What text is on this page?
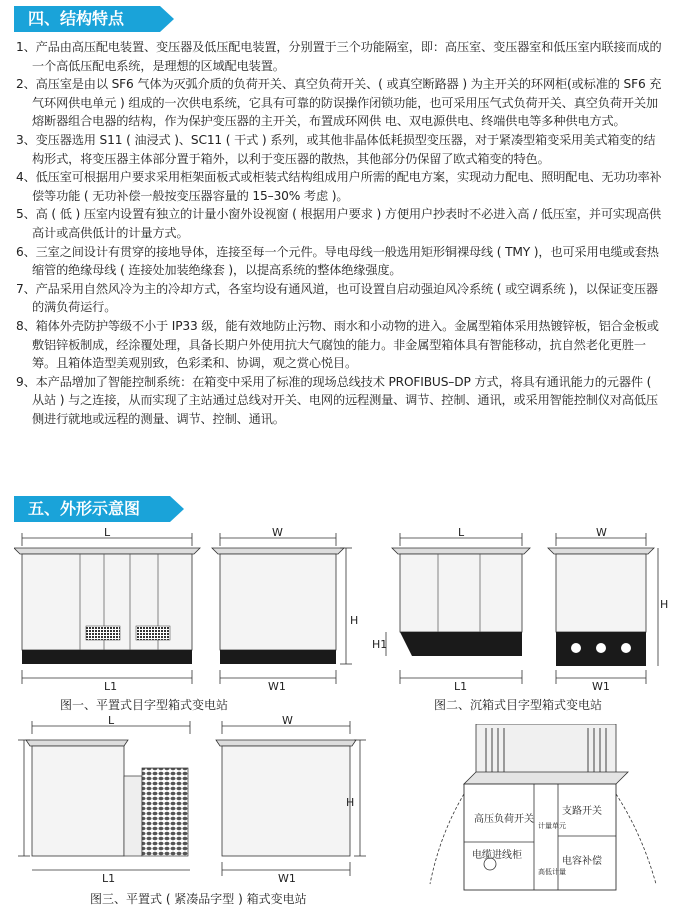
四、结构特点
1、产品由高压配电装置、变压器及低压配电装置，分别置于三个功能隔室，即：高压室、变压器室和低压室内联接而成的一个高低压配电系统，是理想的区域配电装置。
2、高压室是由以 SF6 气体为灭弧介质的负荷开关、真空负荷开关、( 或真空断路器 ) 为主开关的环网柜(或标准的 SF6 充气环网供电单元 ) 组成的一次供电系统，它具有可靠的防误操作闭锁功能，也可采用压气式负荷开关、真空负荷开关加熔断器组合电器的结构，作为保护变压器的主开关，布置成环网供 电、双电源供电、终端供电等多种供电方式。
3、变压器选用 S11 ( 油浸式 )、SC11 ( 干式 ) 系列，或其他非晶体低耗损型变压器，对于紧凑型箱变采用美式箱变的结构形式，将变压器主体部分置于箱外，以利于变压器的散热，其他部分仍保留了欧式箱变的特色。
4、低压室可根据用户要求采用柜架面板式或柜装式结构组成用户所需的配电方案，实现动力配电、照明配电、无功功率补偿等功能 ( 无功补偿一般按变压器容量的 15–30% 考虑 )。
5、高 ( 低 ) 压室内设置有独立的计量小窗外设视窗 ( 根据用户要求 ) 方便用户抄表时不必进入高 / 低压室，并可实现高供高计或高供低计的计量方式。
6、三室之间设计有贯穿的接地导体，连接至每一个元件。导电母线一般选用矩形铜裸母线 ( TMY )，也可采用电缆或套热缩管的绝缘母线 ( 连接处加装绝缘套 )，以提高系统的整体绝缘强度。
7、产品采用自然风冷为主的冷却方式，各室均设有通风道，也可设置自启动强迫风冷系统 ( 或空调系统 )，以保证变压器的满负荷运行。
8、箱体外壳防护等级不小于 IP33 级，能有效地防止污物、雨水和小动物的进入。金属型箱体采用热镀锌板，铝合金板或敷铝锌板制成，经涂覆处理，具备长期户外使用抗大气腐蚀的能力。非金属型箱体具有智能移动，抗自然老化更胜一筹。且箱体造型美观别致，色彩柔和、协调，观之赏心悦目。
9、本产品增加了智能控制系统：在箱变中采用了标准的现场总线技术 PROFIBUS–DP 方式，将具有通讯能力的元器件 ( 从站 ) 与之连接，从而实现了主站通过总线对开关、电网的远程测量、调节、控制、通讯，或采用智能控制仪对高低压侧进行就地或远程的测量、调节、控制、通讯。
五、外形示意图
L
L1
W
H
W1
L
H1
L1
W
H
W1
图一、平置式目字型箱式变电站	图二、沉箱式目字型箱式变电站
L
L1
W
H
W1
高压负荷开关
电缆进线柜
计量单元
支路开关
电容补偿
高低计量
图三、平置式 ( 紧凑品字型 ) 箱式变电站
